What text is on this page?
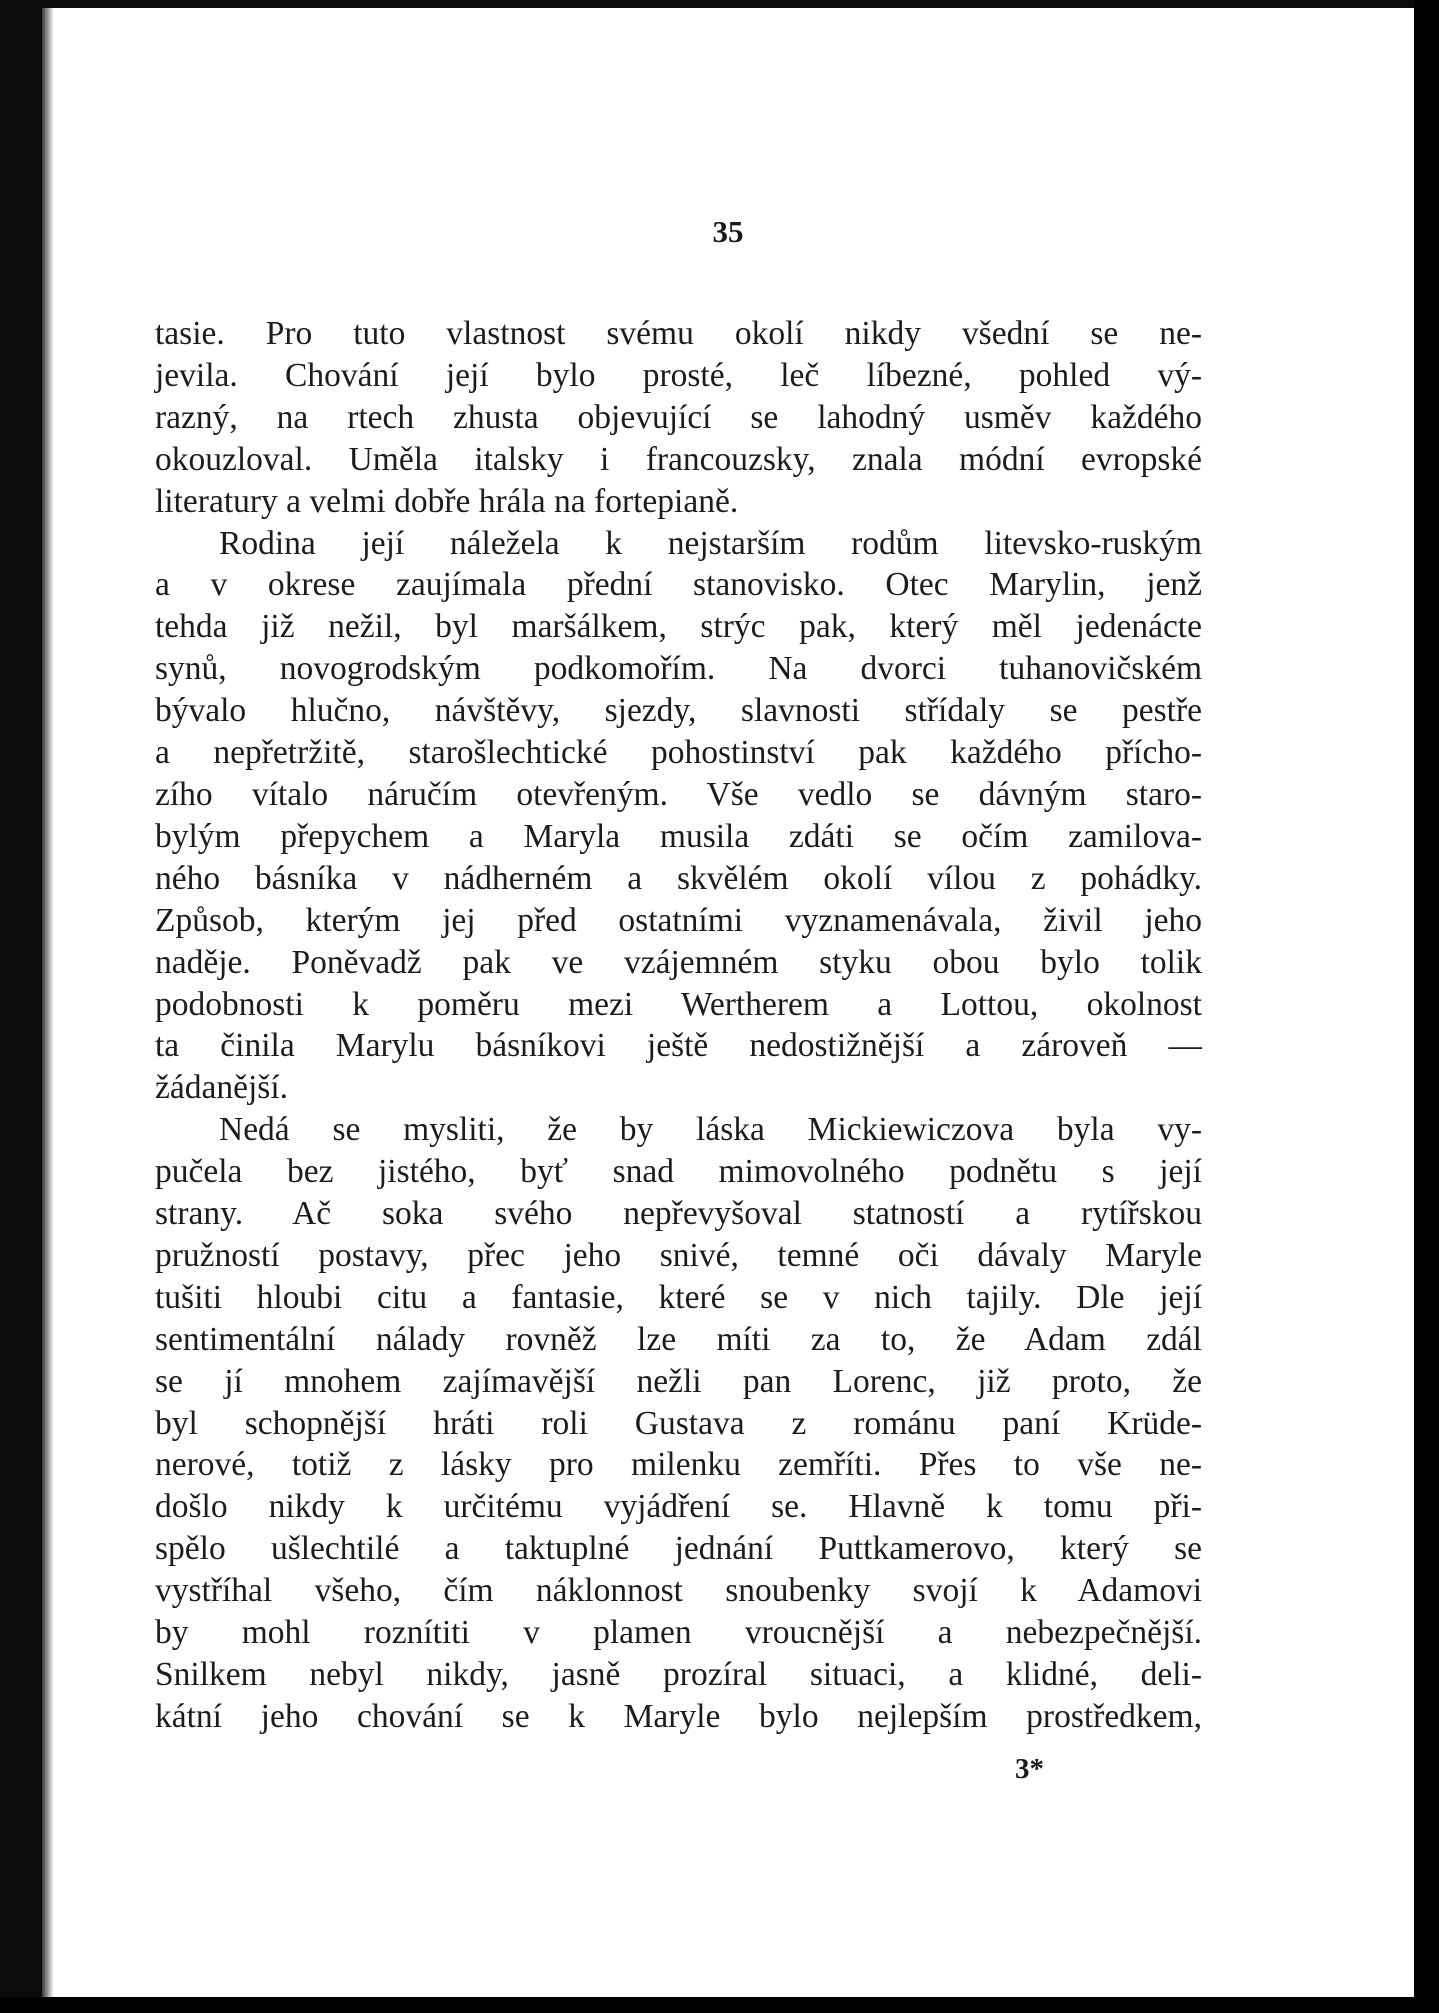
35
tasie. Pro tuto vlastnost svému okolí nikdy všední se ne-
jevila. Chování její bylo prosté, leč líbezné, pohled vý-
razný, na rtech zhusta objevující se lahodný usměv každého
okouzloval. Uměla italsky i francouzsky, znala módní evropské
literatury a velmi dobře hrála na fortepianě.
Rodina její náležela k nejstarším rodům litevsko-ruským
a v okrese zaujímala přední stanovisko. Otec Marylin, jenž
tehda již nežil, byl maršálkem, strýc pak, který měl jedenácte
synů, novogrodským podkomořím. Na dvorci tuhanovičském
bývalo hlučno, návštěvy, sjezdy, slavnosti střídaly se pestře
a nepřetržitě, starošlechtické pohostinství pak každého přícho-
zího vítalo náručím otevřeným. Vše vedlo se dávným staro-
bylým přepychem a Maryla musila zdáti se očím zamilova-
ného básníka v nádherném a skvělém okolí vílou z pohádky.
Způsob, kterým jej před ostatními vyznamenávala, živil jeho
naděje. Poněvadž pak ve vzájemném styku obou bylo tolik
podobnosti k poměru mezi Wertherem a Lottou, okolnost
ta činila Marylu básníkovi ještě nedostižnější a zároveň —
žádanější.
Nedá se mysliti, že by láska Mickiewiczova byla vy-
pučela bez jistého, byť snad mimovolného podnětu s její
strany. Ač soka svého nepřevyšoval statností a rytířskou
pružností postavy, přec jeho snivé, temné oči dávaly Maryle
tušiti hloubi citu a fantasie, které se v nich tajily. Dle její
sentimentální nálady rovněž lze míti za to, že Adam zdál
se jí mnohem zajímavější nežli pan Lorenc, již proto, že
byl schopnější hráti roli Gustava z románu paní Krüde-
nerové, totiž z lásky pro milenku zemříti. Přes to vše ne-
došlo nikdy k určitému vyjádření se. Hlavně k tomu při-
spělo ušlechtilé a taktuplné jednání Puttkamerovo, který se
vystříhal všeho, čím náklonnost snoubenky svojí k Adamovi
by mohl roznítiti v plamen vroucnější a nebezpečnější.
Snilkem nebyl nikdy, jasně prozíral situaci, a klidné, deli-
kátní jeho chování se k Maryle bylo nejlepším prostředkem,
3*
